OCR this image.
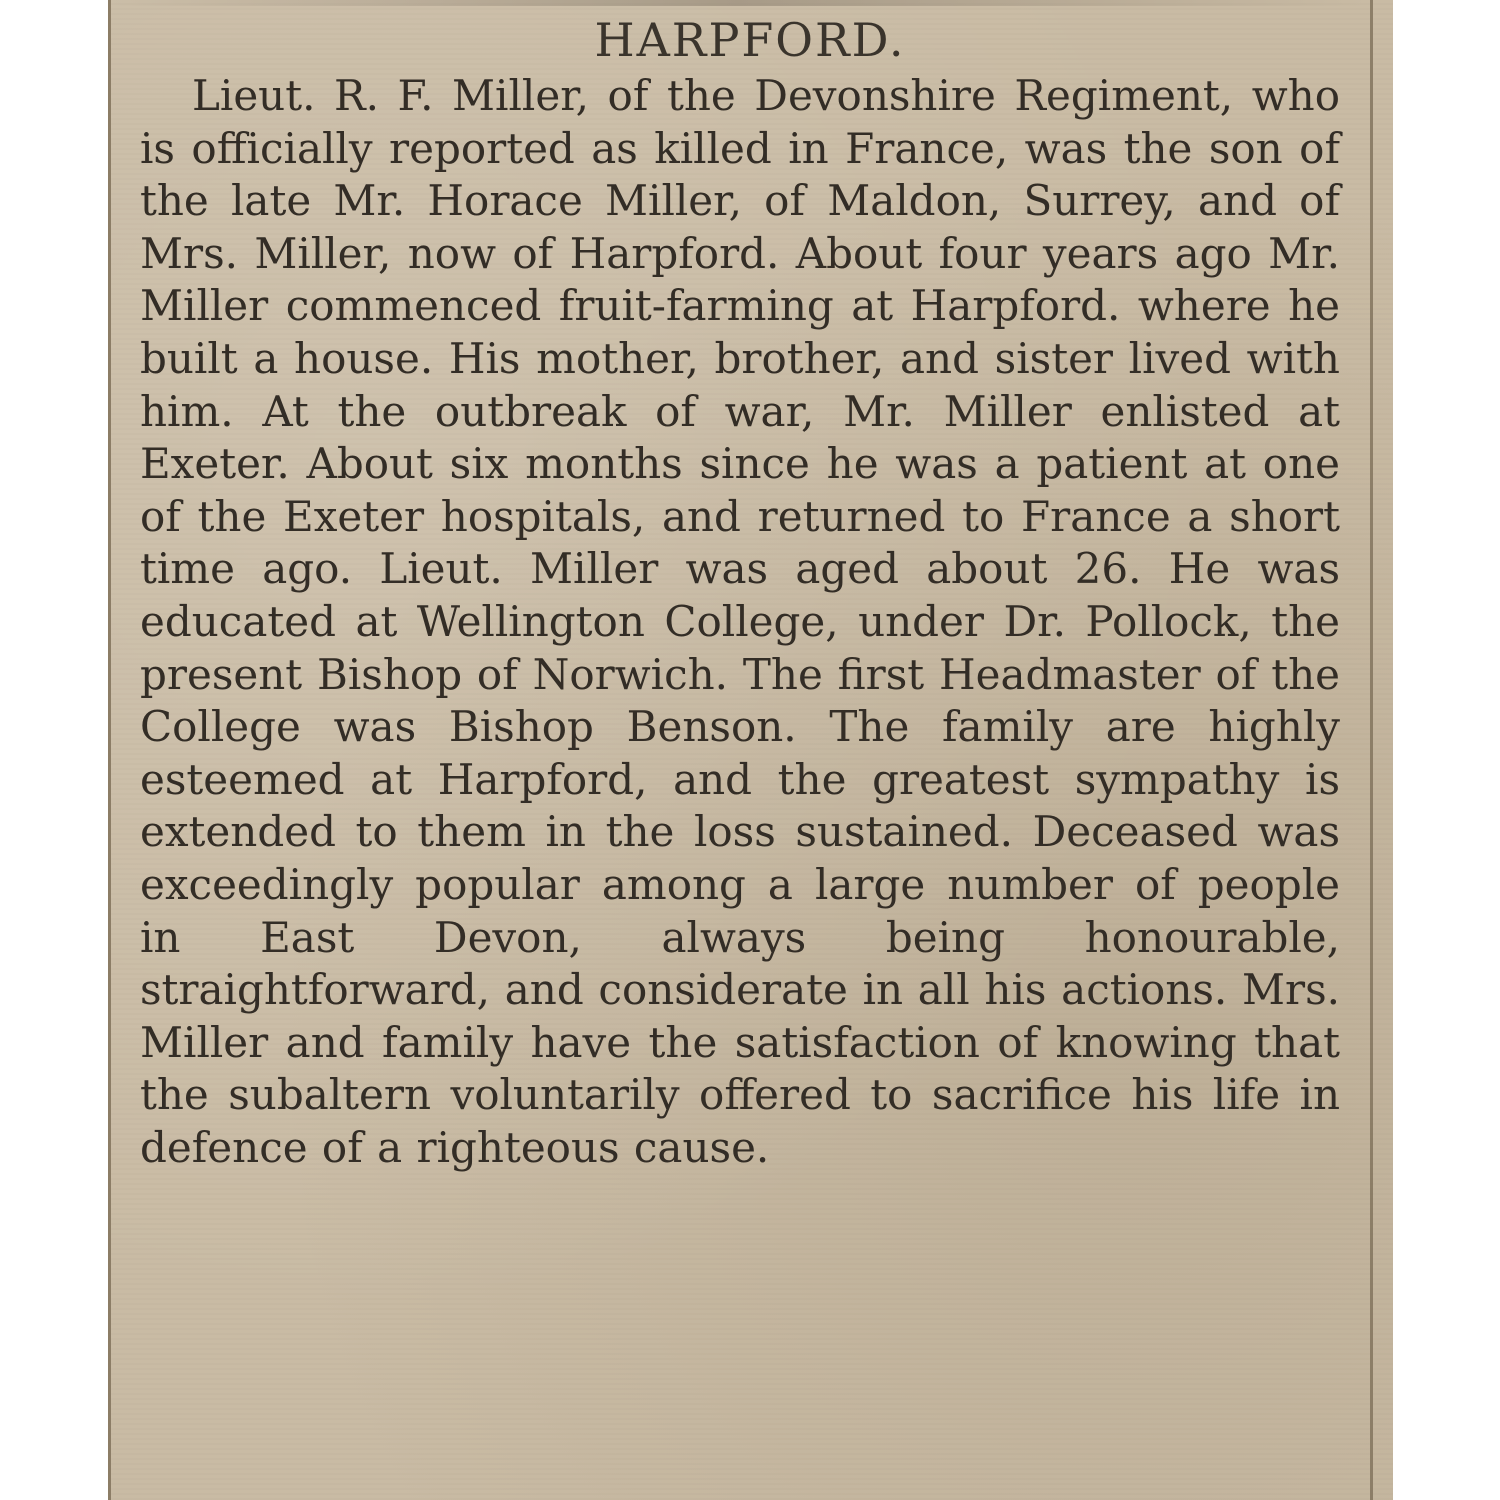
HARPFORD.

Lieut. R. F. Miller, of the Devonshire Regiment, who is officially reported as killed in France, was the son of the late Mr. Horace Miller, of Maldon, Surrey, and of Mrs. Miller, now of Harpford. About four years ago Mr. Miller commenced fruit-farming at Harpford. where he built a house. His mother, brother, and sister lived with him. At the outbreak of war, Mr. Miller enlisted at Exeter. About six months since he was a patient at one of the Exeter hospitals, and returned to France a short time ago. Lieut. Miller was aged about 26. He was educated at Wellington College, under Dr. Pollock, the present Bishop of Norwich. The first Headmaster of the College was Bishop Benson. The family are highly esteemed at Harpford, and the greatest sympathy is extended to them in the loss sustained. Deceased was exceedingly popular among a large number of people in East Devon, always being honourable, straightforward, and considerate in all his actions. Mrs. Miller and family have the satisfaction of knowing that the subaltern voluntarily offered to sacrifice his life in defence of a righteous cause.
